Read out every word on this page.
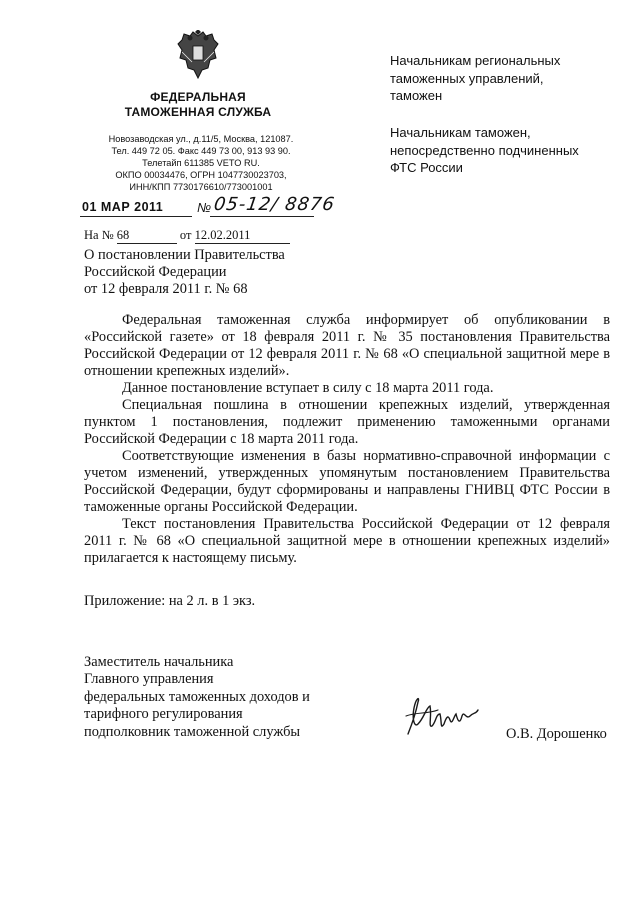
ФЕДЕРАЛЬНАЯ
ТАМОЖЕННАЯ СЛУЖБА
Новозаводская ул., д.11/5, Москва, 121087.
Тел. 449 72 05. Факс 449 73 00, 913 93 90.
Телетайп 611385 VETO RU.
ОКПО 00034476, ОГРН 1047730023703,
ИНН/КПП 7730176610/773001001
Начальникам региональных
таможенных управлений,
таможен
Начальникам таможен,
непосредственно подчиненных
ФТС России
01 МАР 2011	№ 05-12/ 8876
На № 68	от 12.02.2011
О постановлении Правительства
Российской Федерации
от 12 февраля 2011 г. № 68

Федеральная таможенная служба информирует об опубликовании в «Российской газете» от 18 февраля 2011 г. № 35 постановления Правительства Российской Федерации от 12 февраля 2011 г. № 68 «О специальной защитной мере в отношении крепежных изделий».

Данное постановление вступает в силу с 18 марта 2011 года.

Специальная пошлина в отношении крепежных изделий, утвержденная пунктом 1 постановления, подлежит применению таможенными органами Российской Федерации с 18 марта 2011 года.

Соответствующие изменения в базы нормативно-справочной информации с учетом изменений, утвержденных упомянутым постановлением Правительства Российской Федерации, будут сформированы и направлены ГНИВЦ ФТС России в таможенные органы Российской Федерации.

Текст постановления Правительства Российской Федерации от 12 февраля 2011 г. № 68 «О специальной защитной мере в отношении крепежных изделий» прилагается к настоящему письму.

Приложение: на 2 л. в 1 экз.
Заместитель начальника
Главного управления
федеральных таможенных доходов и
тарифного регулирования
подполковник таможенной службы	О.В. Дорошенко
